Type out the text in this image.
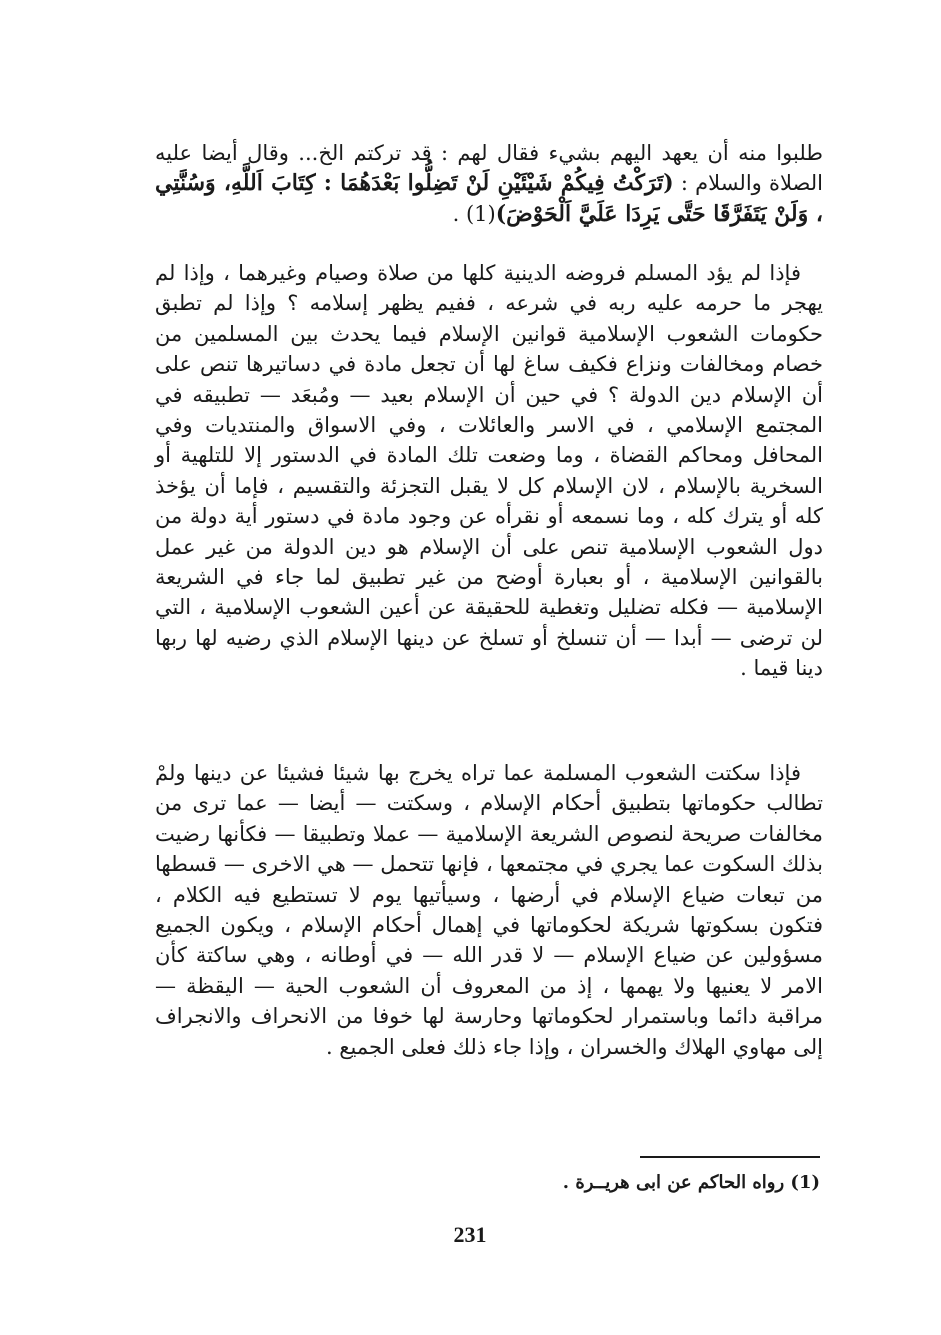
طلبوا منه أن يعهد اليهم بشيء فقال لهم : قد تركتم الخ... وقال أيضا عليه الصلاة والسلام : (تَرَكْتُ فِيكُمْ شَيْئَيْنِ لَنْ تَضِلُّوا بَعْدَهُمَا : كِتَابَ اَللَّهِ، وَسُنَّتِي ، وَلَنْ يَتَفَرَّقَا حَتَّى يَرِدَا عَلَيَّ اَلْحَوْضَ)(1) .

فإذا لم يؤد المسلم فروضه الدينية كلها من صلاة وصيام وغيرهما ، وإذا لم يهجر ما حرمه عليه ربه في شرعه ، ففيم يظهر إسلامه ؟ وإذا لم تطبق حكومات الشعوب الإسلامية قوانين الإسلام فيما يحدث بين المسلمين من خصام ومخالفات ونزاع فكيف ساغ لها أن تجعل مادة في دساتيرها تنص على أن الإسلام دين الدولة ؟ في حين أن الإسلام بعيد — ومُبعَد — تطبيقه في المجتمع الإسلامي ، في الاسر والعائلات ، وفي الاسواق والمنتديات وفي المحافل ومحاكم القضاة ، وما وضعت تلك المادة في الدستور إلا للتلهية أو السخرية بالإسلام ، لان الإسلام كل لا يقبل التجزئة والتقسيم ، فإما أن يؤخذ كله أو يترك كله ، وما نسمعه أو نقرأه عن وجود مادة في دستور أية دولة من دول الشعوب الإسلامية تنص على أن الإسلام هو دين الدولة من غير عمل بالقوانين الإسلامية ، أو بعبارة أوضح من غير تطبيق لما جاء في الشريعة الإسلامية — فكله تضليل وتغطية للحقيقة عن أعين الشعوب الإسلامية ، التي لن ترضى — أبدا — أن تنسلخ أو تسلخ عن دينها الإسلام الذي رضيه لها ربها دينا قيما .

فإذا سكتت الشعوب المسلمة عما تراه يخرج بها شيئا فشيئا عن دينها ولمْ تطالب حكوماتها بتطبيق أحكام الإسلام ، وسكتت — أيضا — عما ترى من مخالفات صريحة لنصوص الشريعة الإسلامية — عملا وتطبيقا — فكأنها رضيت بذلك السكوت عما يجري في مجتمعها ، فإنها تتحمل — هي الاخرى — قسطها من تبعات ضياع الإسلام في أرضها ، وسيأتيها يوم لا تستطيع فيه الكلام ، فتكون بسكوتها شريكة لحكوماتها في إهمال أحكام الإسلام ، ويكون الجميع مسؤولين عن ضياع الإسلام — لا قدر الله — في أوطانه ، وهي ساكتة كأن الامر لا يعنيها ولا يهمها ، إذ من المعروف أن الشعوب الحية — اليقظة — مراقبة دائما وباستمرار لحكوماتها وحارسة لها خوفا من الانحراف والانجراف إلى مهاوي الهلاك والخسران ، وإذا جاء ذلك فعلى الجميع .

(1) رواه الحاكم عن ابى هريــرة .
231
